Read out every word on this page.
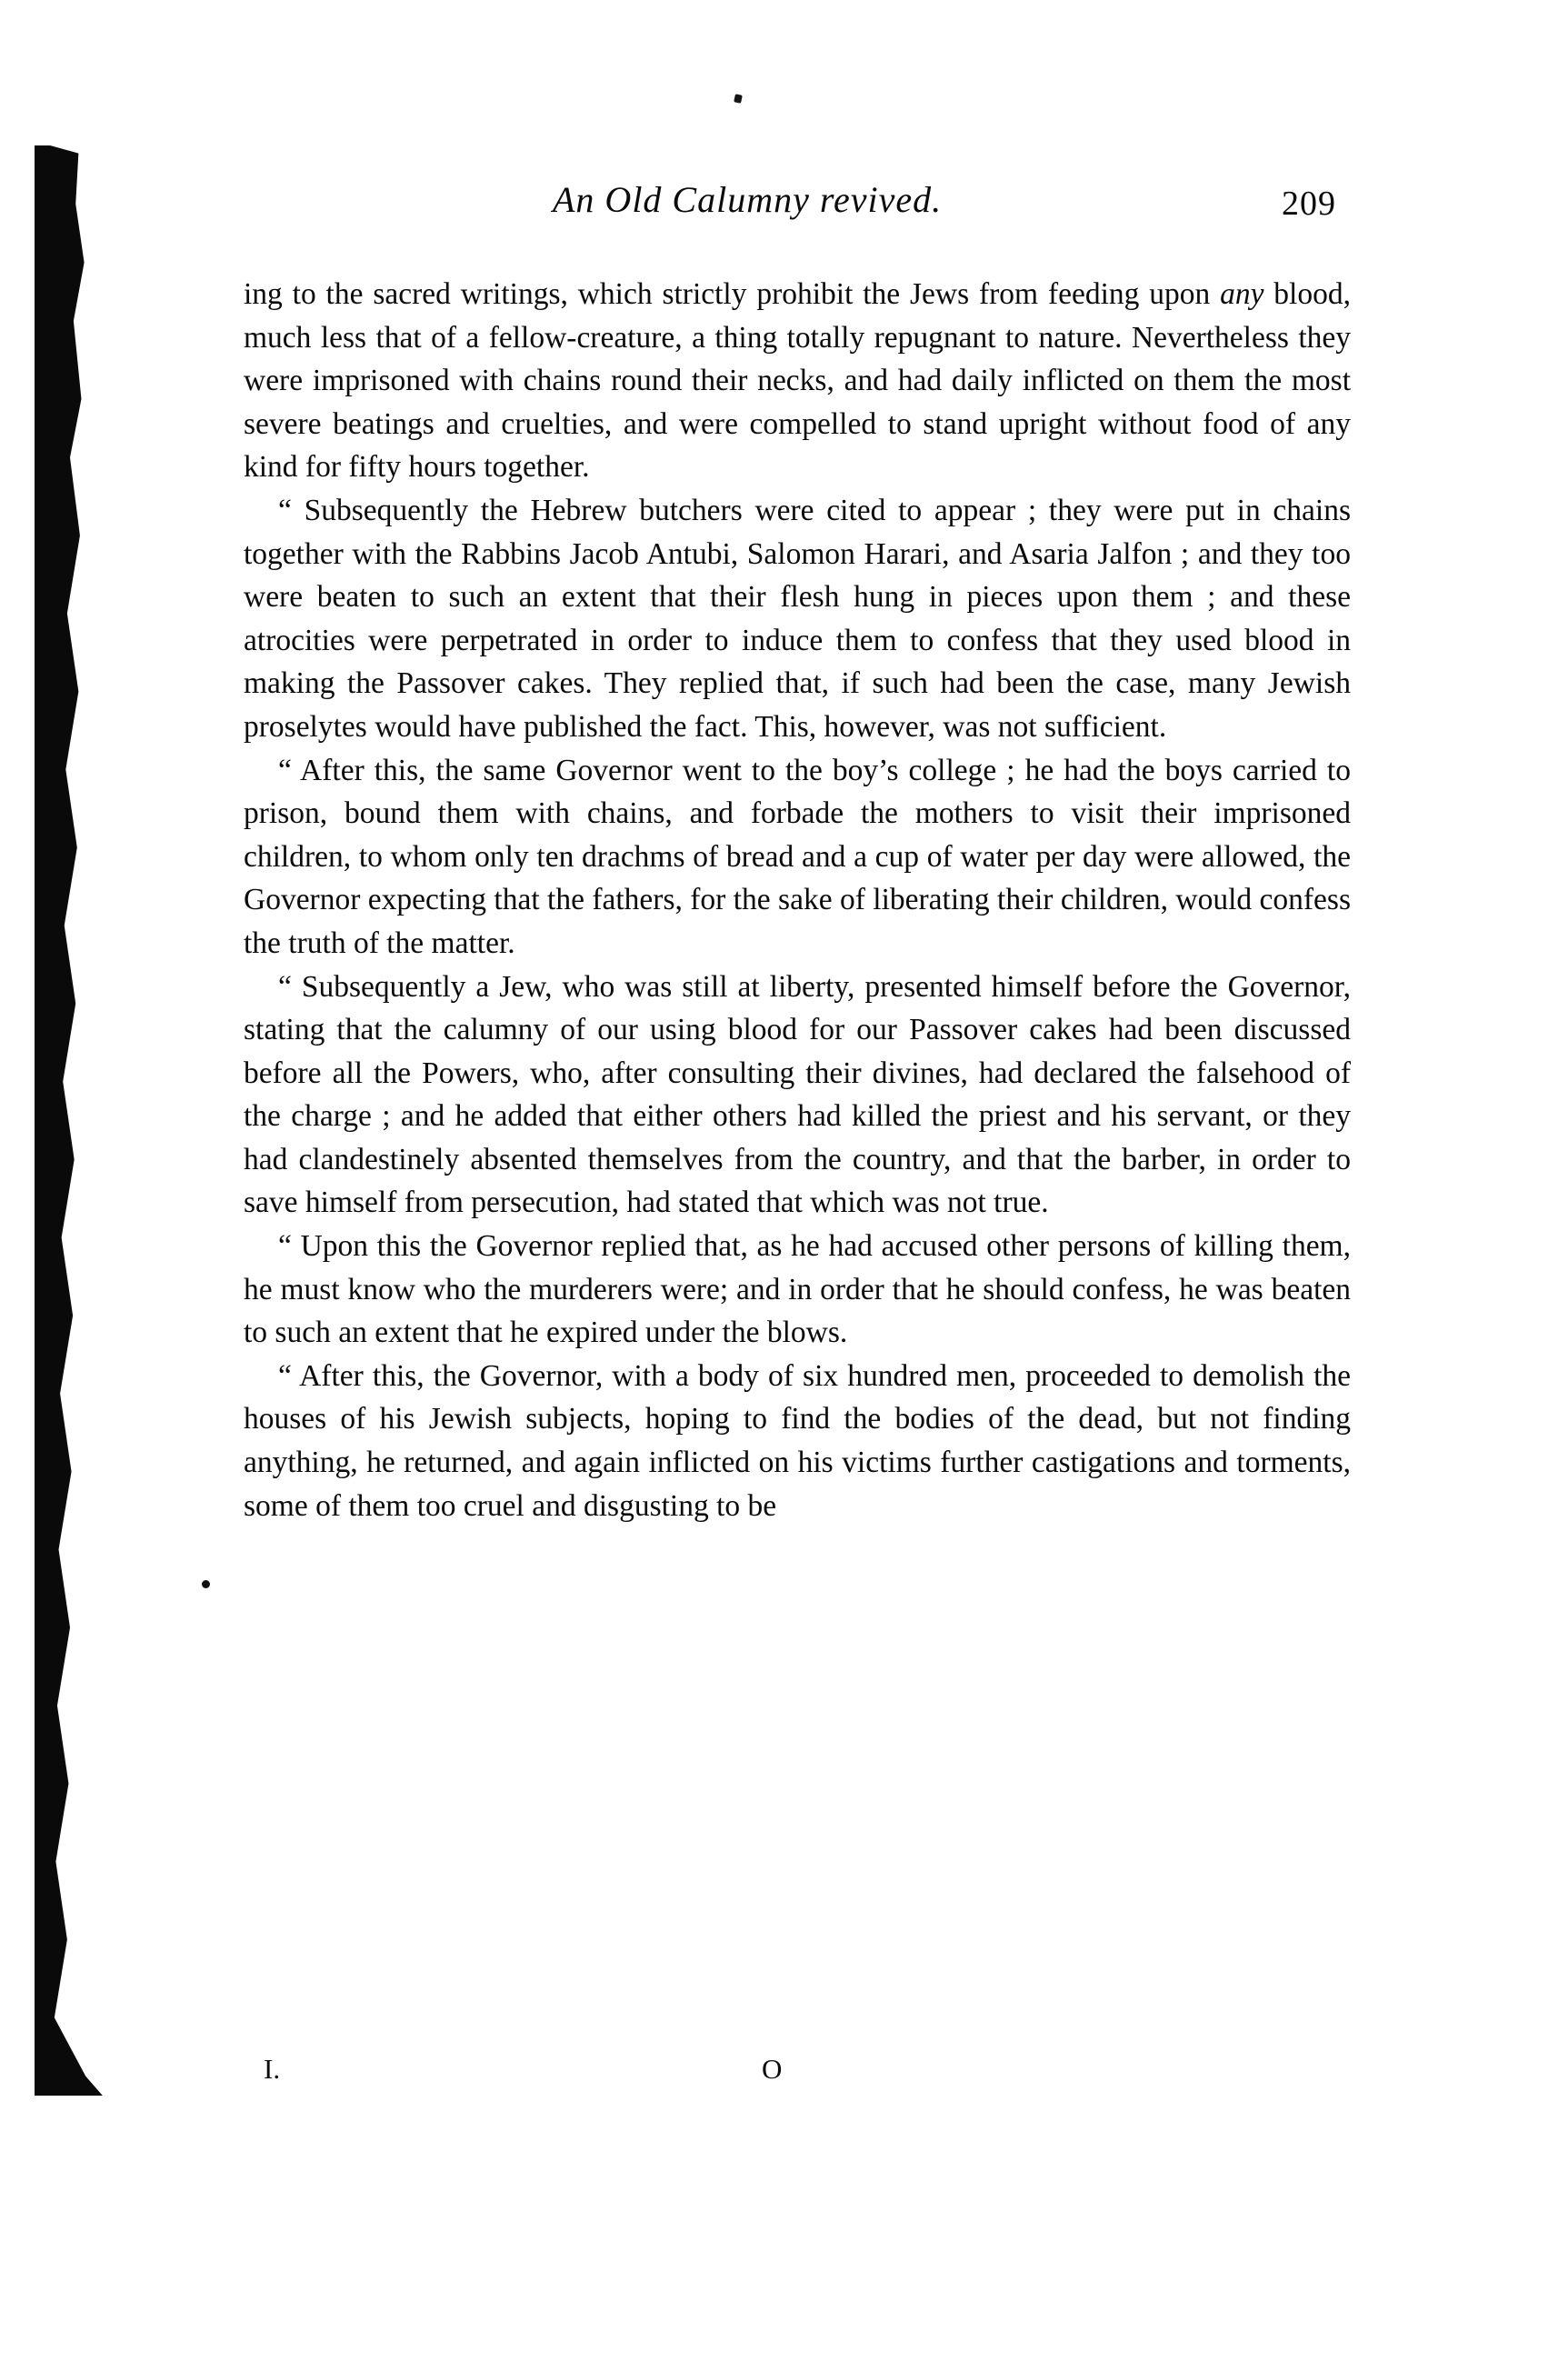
An Old Calumny revived.	209

ing to the sacred writings, which strictly prohibit the Jews from feeding upon any blood, much less that of a fellow-creature, a thing totally repugnant to nature. Nevertheless they were imprisoned with chains round their necks, and had daily inflicted on them the most severe beatings and cruelties, and were compelled to stand upright without food of any kind for fifty hours together.

“ Subsequently the Hebrew butchers were cited to appear ; they were put in chains together with the Rabbins Jacob Antubi, Salomon Harari, and Asaria Jalfon ; and they too were beaten to such an extent that their flesh hung in pieces upon them ; and these atrocities were perpetrated in order to induce them to confess that they used blood in making the Passover cakes. They replied that, if such had been the case, many Jewish proselytes would have published the fact. This, however, was not sufficient.

“ After this, the same Governor went to the boy’s college ; he had the boys carried to prison, bound them with chains, and forbade the mothers to visit their imprisoned children, to whom only ten drachms of bread and a cup of water per day were allowed, the Governor expecting that the fathers, for the sake of liberating their children, would confess the truth of the matter.

“ Subsequently a Jew, who was still at liberty, presented himself before the Governor, stating that the calumny of our using blood for our Passover cakes had been discussed before all the Powers, who, after consulting their divines, had declared the falsehood of the charge ; and he added that either others had killed the priest and his servant, or they had clandestinely absented themselves from the country, and that the barber, in order to save himself from persecution, had stated that which was not true.

“ Upon this the Governor replied that, as he had accused other persons of killing them, he must know who the murderers were; and in order that he should confess, he was beaten to such an extent that he expired under the blows.

“ After this, the Governor, with a body of six hundred men, proceeded to demolish the houses of his Jewish subjects, hoping to find the bodies of the dead, but not finding anything, he returned, and again inflicted on his victims further castigations and torments, some of them too cruel and disgusting to be

I.	O
